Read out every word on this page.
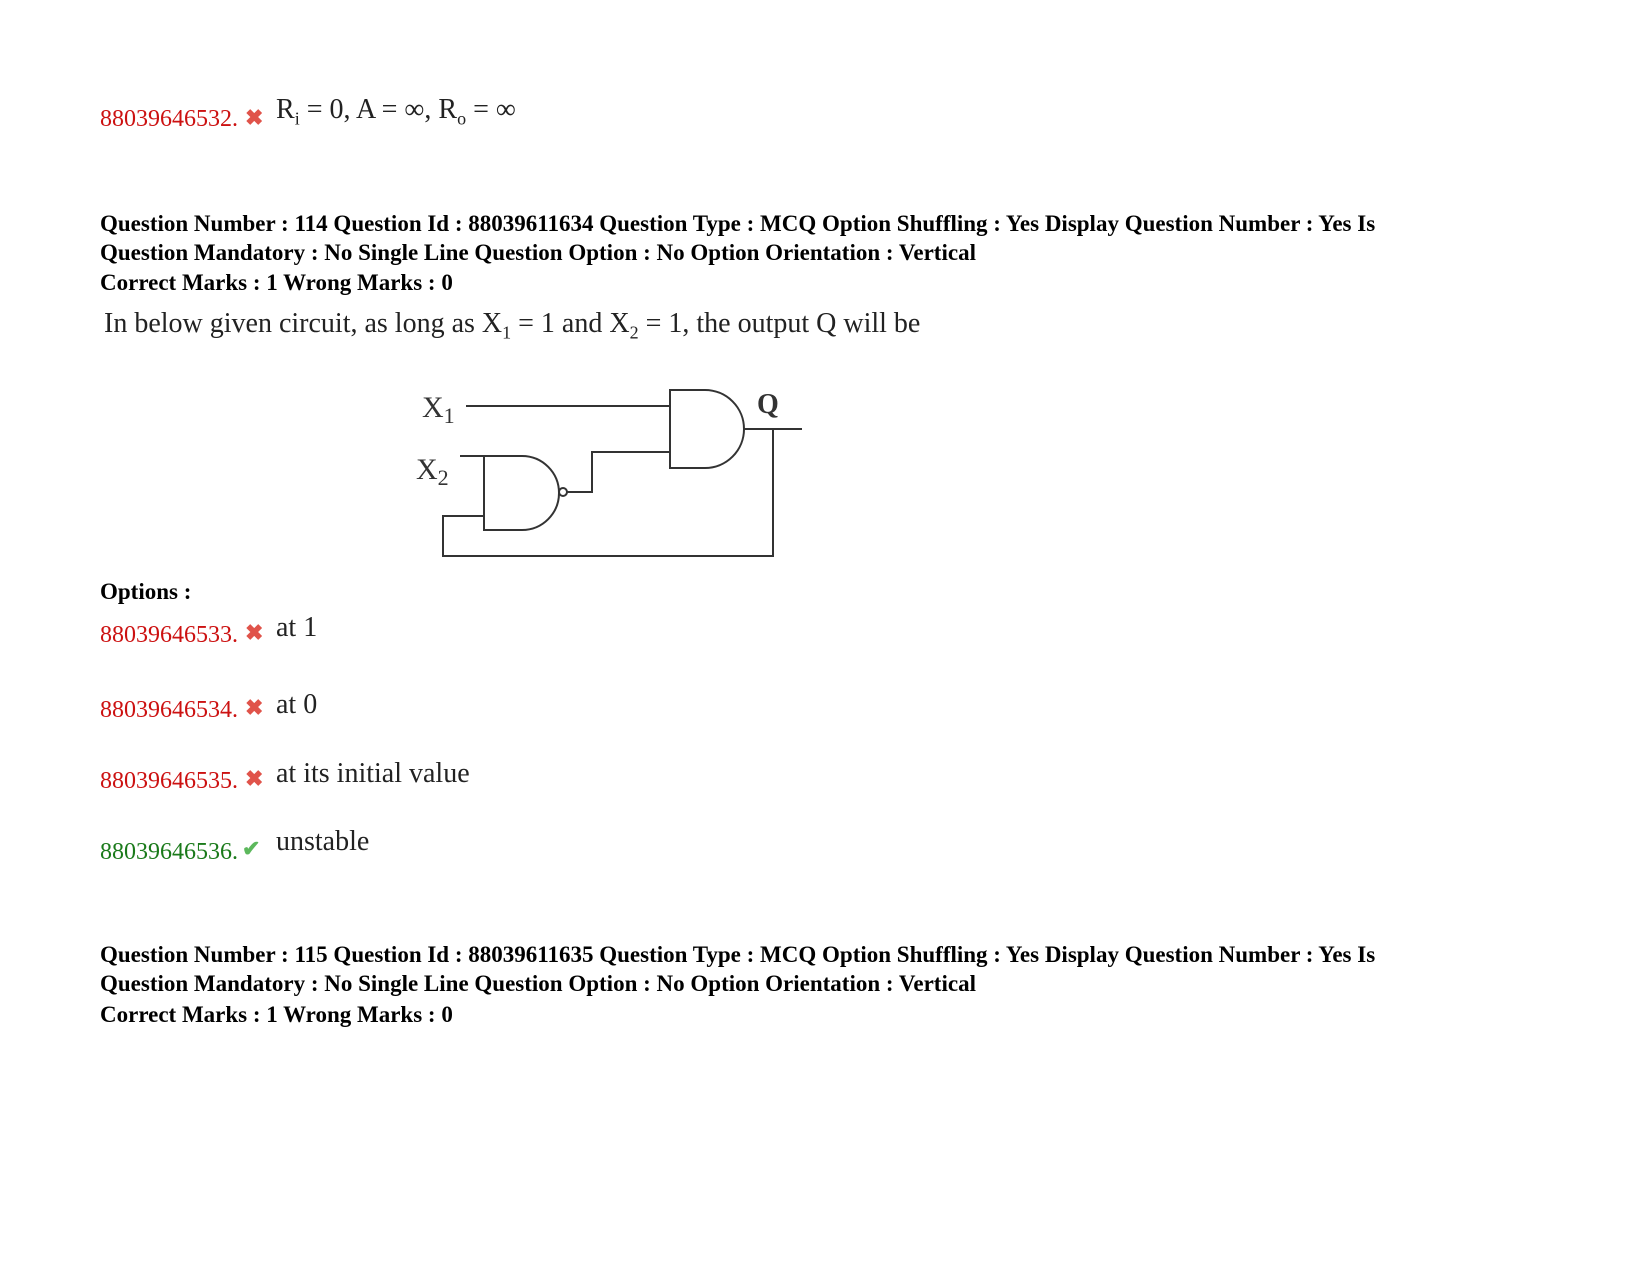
88039646532. ✖ $R_i = 0$, A = ∞, $R_o$ = ∞
Question Number : 114 Question Id : 88039611634 Question Type : MCQ Option Shuffling : Yes Display Question Number : Yes Is
Question Mandatory : No Single Line Question Option : No Option Orientation : Vertical
Correct Marks : 1 Wrong Marks : 0
In below given circuit, as long as $X_1 = 1$ and $X_2 = 1$, the output Q will be
$X_1$
$X_2$
Q
Options :
88039646533. ✖ at 1
88039646534. ✖ at 0
88039646535. ✖ at its initial value
88039646536. ✔ unstable
Question Number : 115 Question Id : 88039611635 Question Type : MCQ Option Shuffling : Yes Display Question Number : Yes Is
Question Mandatory : No Single Line Question Option : No Option Orientation : Vertical
Correct Marks : 1 Wrong Marks : 0
